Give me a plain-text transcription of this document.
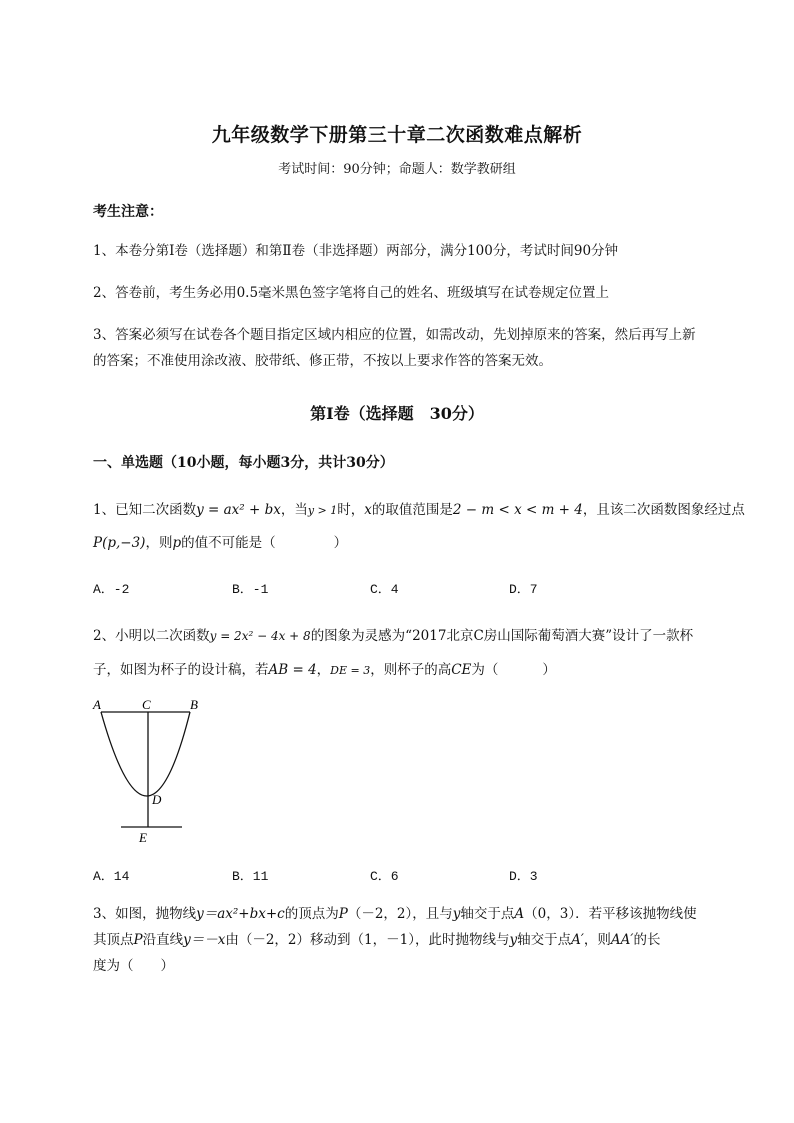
九年级数学下册第三十章二次函数难点解析
考试时间：90分钟；命题人：数学教研组
考生注意：
1、本卷分第I卷（选择题）和第Ⅱ卷（非选择题）两部分，满分100分，考试时间90分钟
2、答卷前，考生务必用0.5毫米黑色签字笔将自己的姓名、班级填写在试卷规定位置上
3、答案必须写在试卷各个题目指定区域内相应的位置，如需改动，先划掉原来的答案，然后再写上新
的答案；不准使用涂改液、胶带纸、修正带，不按以上要求作答的答案无效。
第I卷（选择题　30分）
一、单选题（10小题，每小题3分，共计30分）
1、已知二次函数y = ax² + bx，当y > 1时，x的取值范围是2 − m < x < m + 4，且该二次函数图象经过点
P(p,−3)，则p的值不可能是（	）
A．-2	B．-1	C．4	D．7
2、小明以二次函数y = 2x² − 4x + 8的图象为灵感为“2017北京C房山国际葡萄酒大赛”设计了一款杯
子，如图为杯子的设计稿，若AB = 4，DE = 3，则杯子的高CE为（	）
A	C	B
D
E
A．14	B．11	C．6	D．3
3、如图，抛物线y＝ax²+bx+c的顶点为P（－2，2），且与y轴交于点A（0，3）．若平移该抛物线使
其顶点P沿直线y＝－x由（－2，2）移动到（1，－1），此时抛物线与y轴交于点A′，则AA′的长
度为（　　）
